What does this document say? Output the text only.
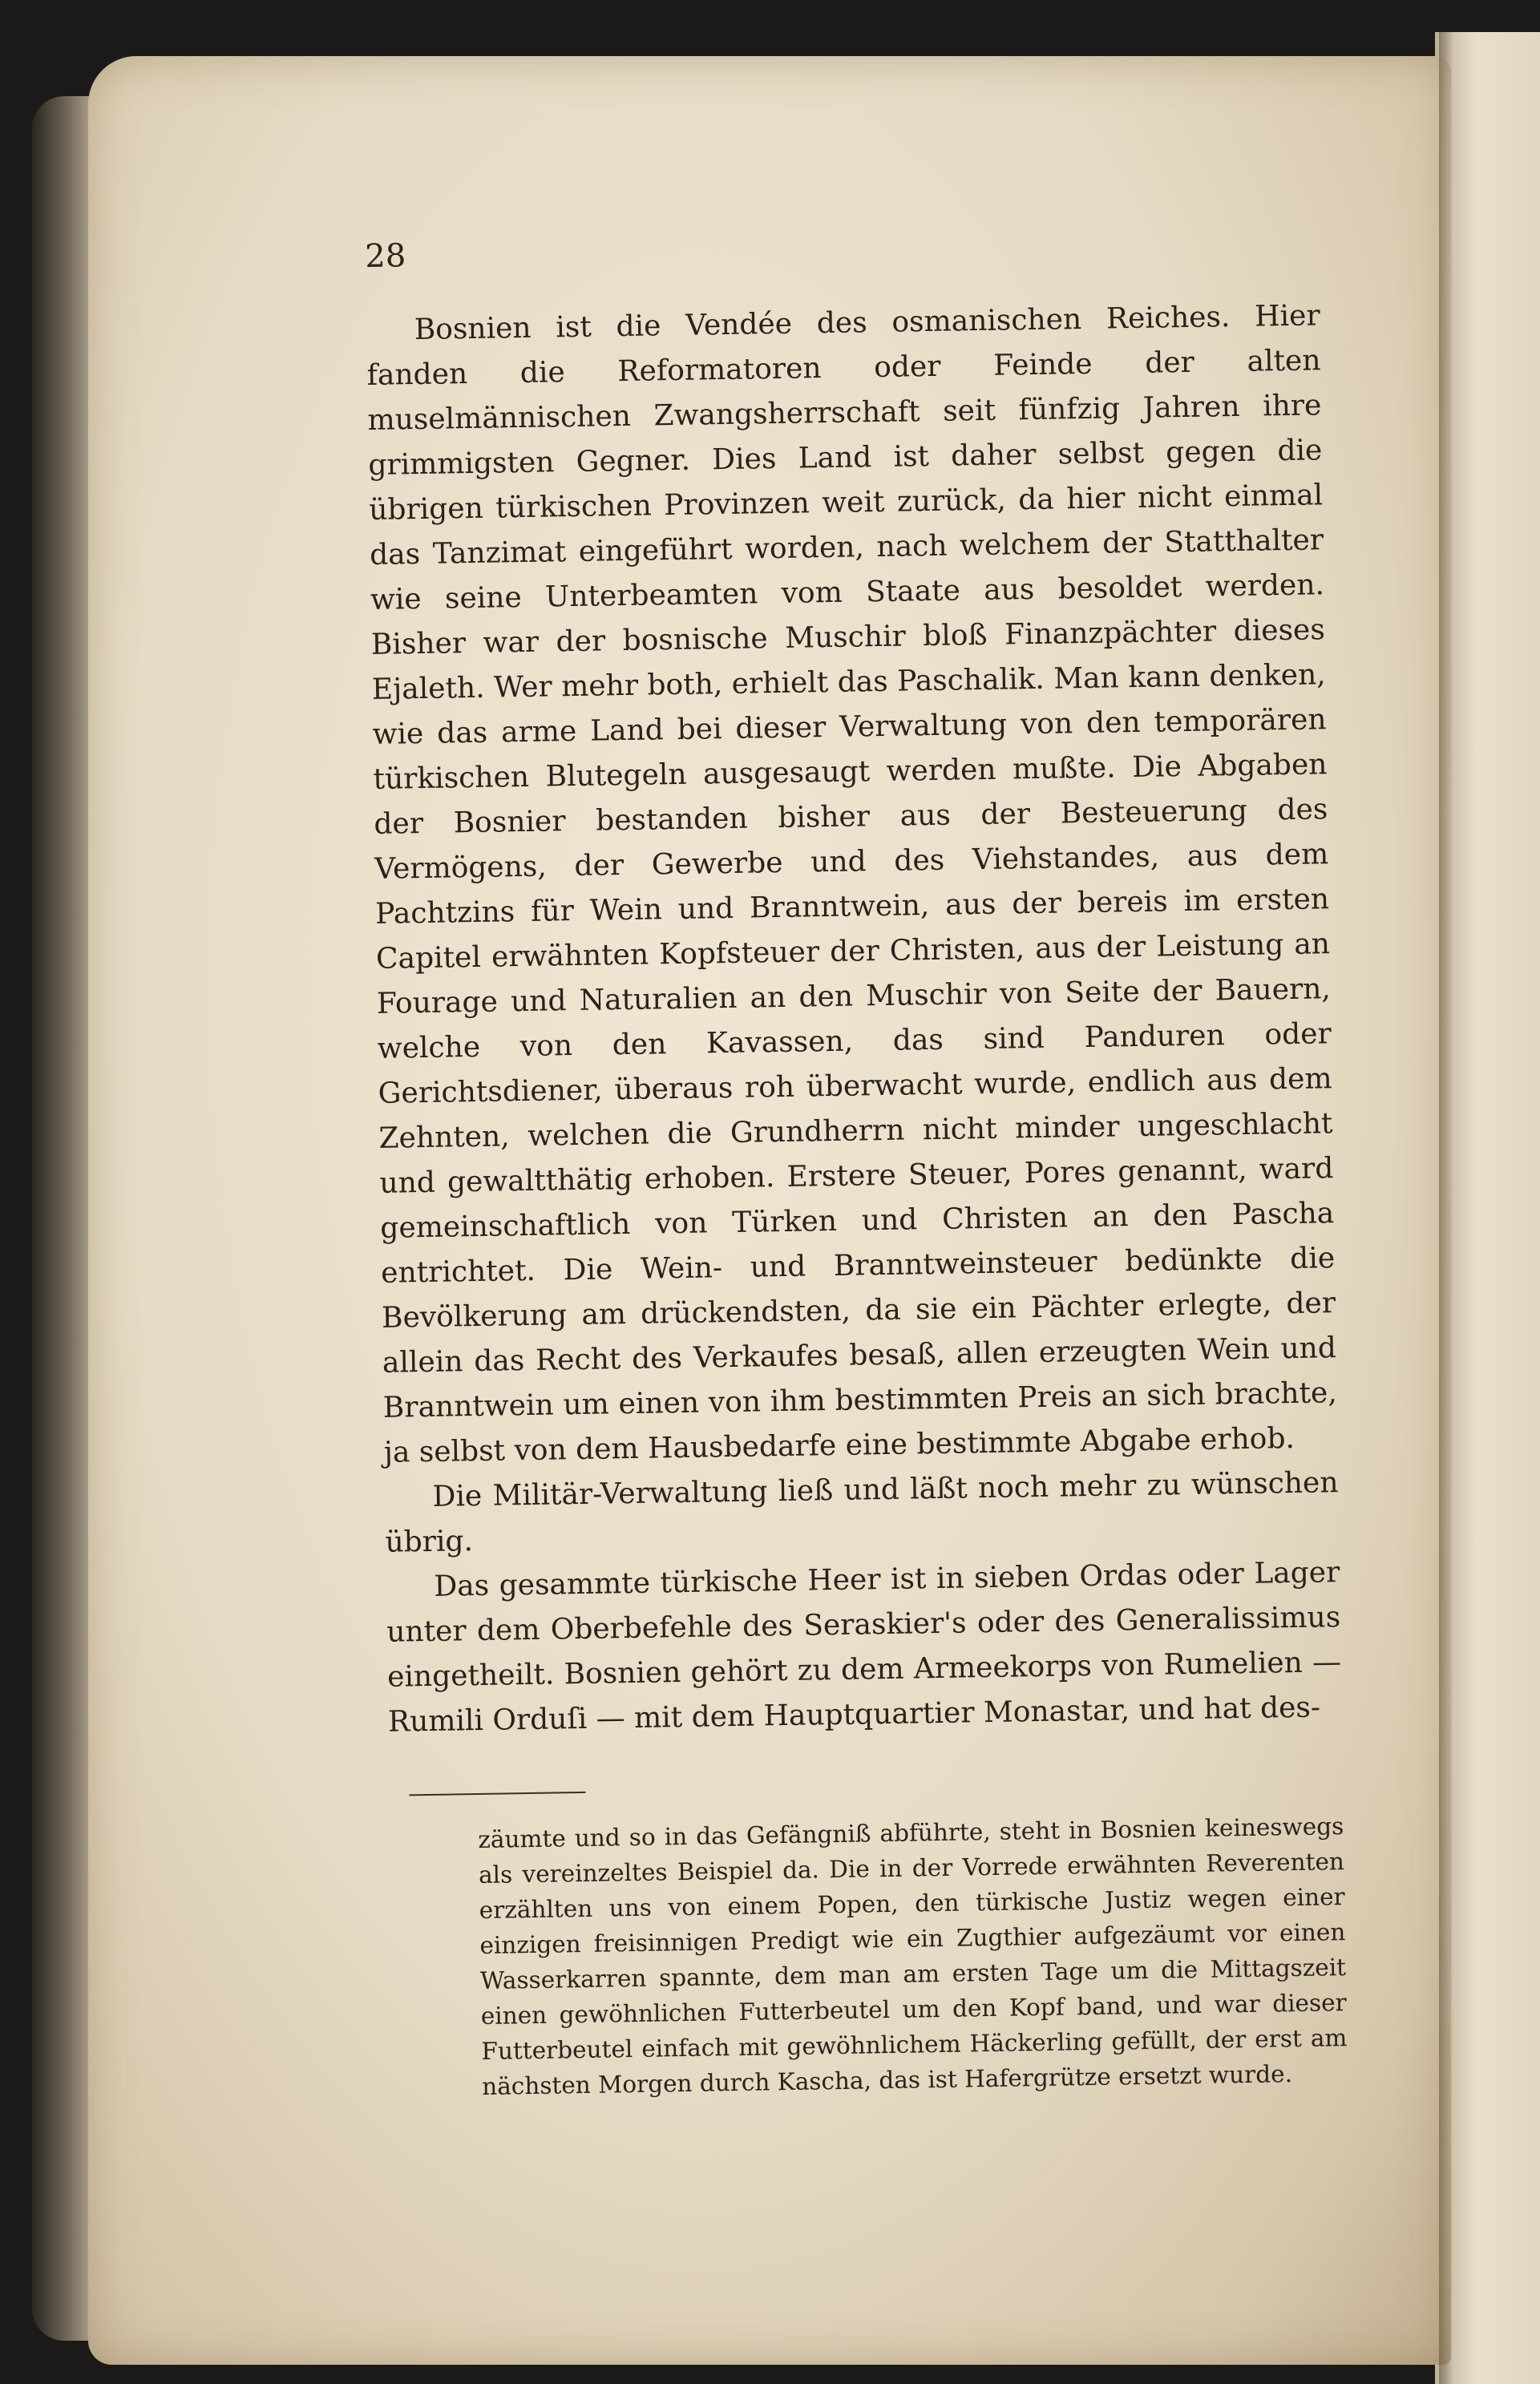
28

Bosnien ist die Vendée des osmanischen Reiches. Hier fanden die Reformatoren oder Feinde der alten muselmännischen Zwangsherrschaft seit fünfzig Jahren ihre grimmigsten Gegner. Dies Land ist daher selbst gegen die übrigen türkischen Provinzen weit zurück, da hier nicht einmal das Tanzimat eingeführt worden, nach welchem der Statthalter wie seine Unterbeamten vom Staate aus besoldet werden. Bisher war der bosnische Muschir bloß Finanzpächter dieses Ejaleth. Wer mehr both, erhielt das Paschalik. Man kann denken, wie das arme Land bei dieser Verwaltung von den temporären türkischen Blutegeln ausgesaugt werden mußte. Die Abgaben der Bosnier bestanden bisher aus der Besteuerung des Vermögens, der Gewerbe und des Viehstandes, aus dem Pachtzins für Wein und Branntwein, aus der bereis im ersten Capitel erwähnten Kopfsteuer der Christen, aus der Leistung an Fourage und Naturalien an den Muschir von Seite der Bauern, welche von den Kavassen, das sind Panduren oder Gerichtsdiener, überaus roh überwacht wurde, endlich aus dem Zehnten, welchen die Grundherrn nicht minder ungeschlacht und gewaltthätig erhoben. Erstere Steuer, Pores genannt, ward gemeinschaftlich von Türken und Christen an den Pascha entrichtet. Die Wein- und Branntweinsteuer bedünkte die Bevölkerung am drückendsten, da sie ein Pächter erlegte, der allein das Recht des Verkaufes besaß, allen erzeugten Wein und Branntwein um einen von ihm bestimmten Preis an sich brachte, ja selbst von dem Hausbedarfe eine bestimmte Abgabe erhob.

Die Militär-Verwaltung ließ und läßt noch mehr zu wünschen übrig.

Das gesammte türkische Heer ist in sieben Ordas oder Lager unter dem Oberbefehle des Seraskier's oder des Generalissimus eingetheilt. Bosnien gehört zu dem Armeekorps von Rumelien — Rumili Orduſi — mit dem Hauptquartier Monastar, und hat des-

zäumte und so in das Gefängniß abführte, steht in Bosnien keineswegs als vereinzeltes Beispiel da. Die in der Vorrede erwähnten Reverenten erzählten uns von einem Popen, den türkische Justiz wegen einer einzigen freisinnigen Predigt wie ein Zugthier aufgezäumt vor einen Wasserkarren spannte, dem man am ersten Tage um die Mittagszeit einen gewöhnlichen Futterbeutel um den Kopf band, und war dieser Futterbeutel einfach mit gewöhnlichem Häckerling gefüllt, der erst am nächsten Morgen durch Kascha, das ist Hafergrütze ersetzt wurde.
